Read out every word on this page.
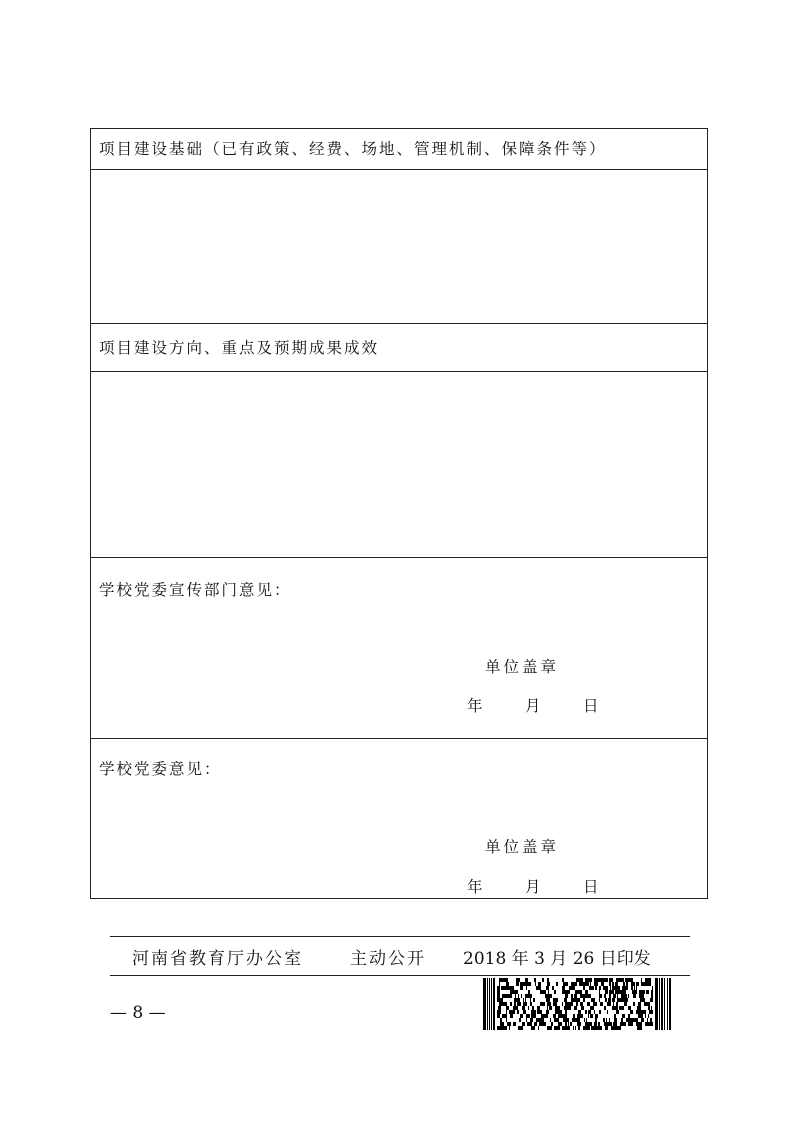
项目建设基础（已有政策、经费、场地、管理机制、保障条件等）
项目建设方向、重点及预期成果成效
学校党委宣传部门意见：
单位盖章
年	月	日
学校党委意见：
单位盖章
年	月	日
河南省教育厅办公室	主动公开 2018 年 3 月 26 日印发
— 8 —
